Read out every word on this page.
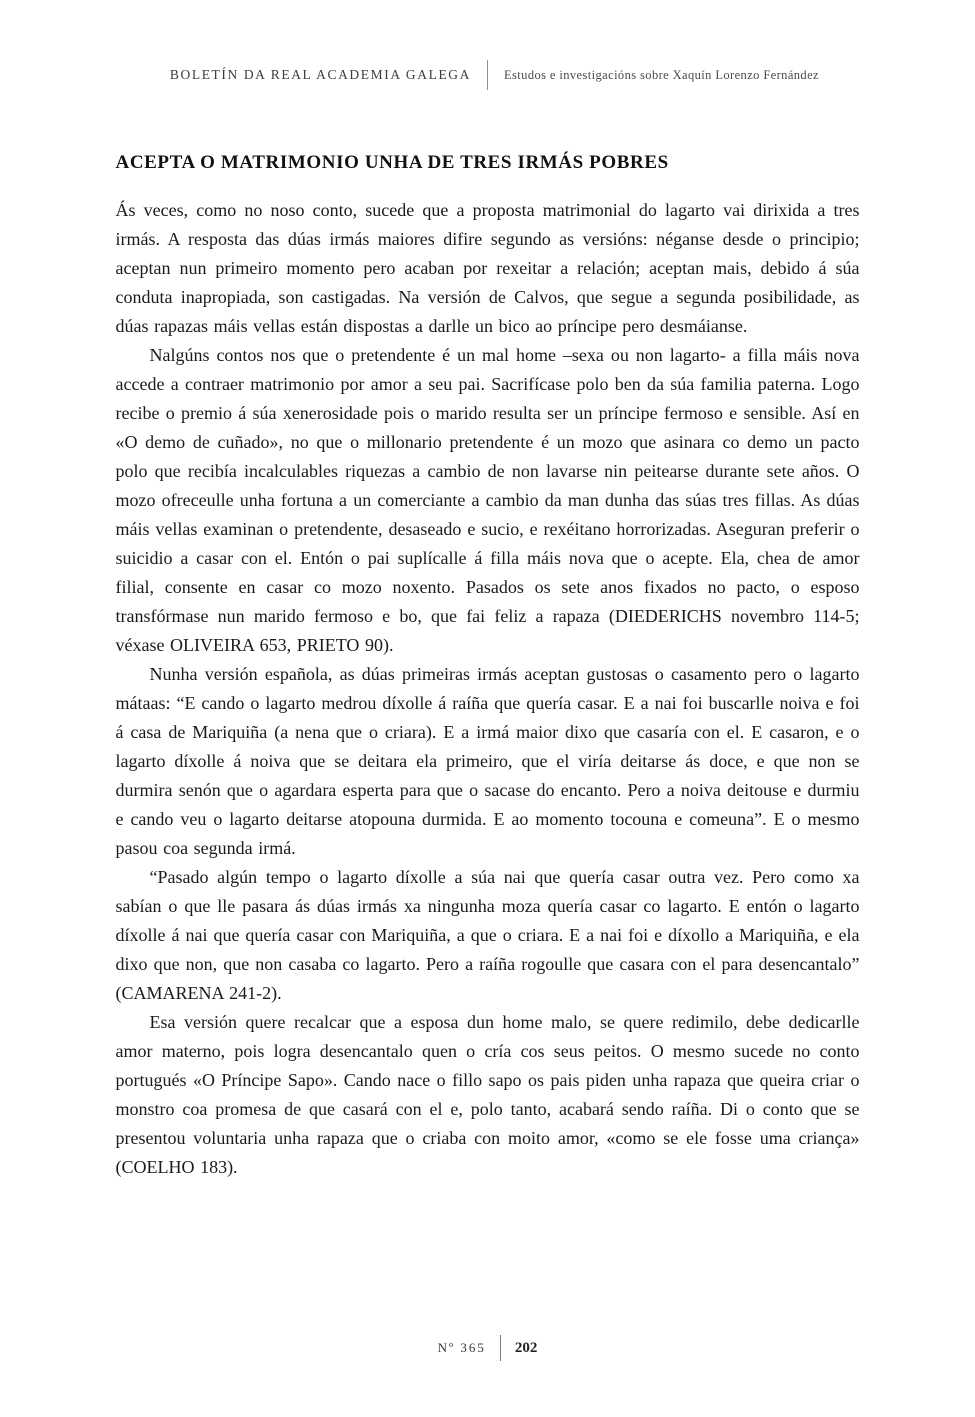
BOLETÍN DA REAL ACADEMIA GALEGA	Estudos e investigacións sobre Xaquín Lorenzo Fernández
ACEPTA O MATRIMONIO UNHA DE TRES IRMÁS POBRES

Ás veces, como no noso conto, sucede que a proposta matrimonial do lagarto vai dirixida a tres irmás. A resposta das dúas irmás maiores difire segundo as versións: néganse desde o principio; aceptan nun primeiro momento pero acaban por rexeitar a relación; aceptan mais, debido á súa conduta inapropiada, son castigadas. Na versión de Calvos, que segue a segunda posibilidade, as dúas rapazas máis vellas están dispostas a darlle un bico ao príncipe pero desmáianse.

Nalgúns contos nos que o pretendente é un mal home –sexa ou non lagarto- a filla máis nova accede a contraer matrimonio por amor a seu pai. Sacrifícase polo ben da súa familia paterna. Logo recibe o premio á súa xenerosidade pois o marido resulta ser un príncipe fermoso e sensible. Así en «O demo de cuñado», no que o millonario pretendente é un mozo que asinara co demo un pacto polo que recibía incalculables riquezas a cambio de non lavarse nin peitearse durante sete años. O mozo ofreceulle unha fortuna a un comerciante a cambio da man dunha das súas tres fillas. As dúas máis vellas examinan o pretendente, desaseado e sucio, e rexéitano horrorizadas. Aseguran preferir o suicidio a casar con el. Entón o pai suplícalle á filla máis nova que o acepte. Ela, chea de amor filial, consente en casar co mozo noxento. Pasados os sete anos fixados no pacto, o esposo transfórmase nun marido fermoso e bo, que fai feliz a rapaza (DIEDERICHS novembro 114-5; véxase OLIVEIRA 653, PRIETO 90).

Nunha versión española, as dúas primeiras irmás aceptan gustosas o casamento pero o lagarto mátaas: “E cando o lagarto medrou díxolle á raíña que quería casar. E a nai foi buscarlle noiva e foi á casa de Mariquiña (a nena que o criara). E a irmá maior dixo que casaría con el. E casaron, e o lagarto díxolle á noiva que se deitara ela primeiro, que el viría deitarse ás doce, e que non se durmira senón que o agardara esperta para que o sacase do encanto. Pero a noiva deitouse e durmiu e cando veu o lagarto deitarse atopouna durmida. E ao momento tocouna e comeuna”. E o mesmo pasou coa segunda irmá.

“Pasado algún tempo o lagarto díxolle a súa nai que quería casar outra vez. Pero como xa sabían o que lle pasara ás dúas irmás xa ningunha moza quería casar co lagarto. E entón o lagarto díxolle á nai que quería casar con Mariquiña, a que o criara. E a nai foi e díxollo a Mariquiña, e ela dixo que non, que non casaba co lagarto. Pero a raíña rogoulle que casara con el para desencantalo” (CAMARENA 241-2).

Esa versión quere recalcar que a esposa dun home malo, se quere redimilo, debe dedicarlle amor materno, pois logra desencantalo quen o cría cos seus peitos. O mesmo sucede no conto portugués «O Príncipe Sapo». Cando nace o fillo sapo os pais piden unha rapaza que queira criar o monstro coa promesa de que casará con el e, polo tanto, acabará sendo raíña. Di o conto que se presentou voluntaria unha rapaza que o criaba con moito amor, «como se ele fosse uma criança» (COELHO 183).

Nº 365 202
